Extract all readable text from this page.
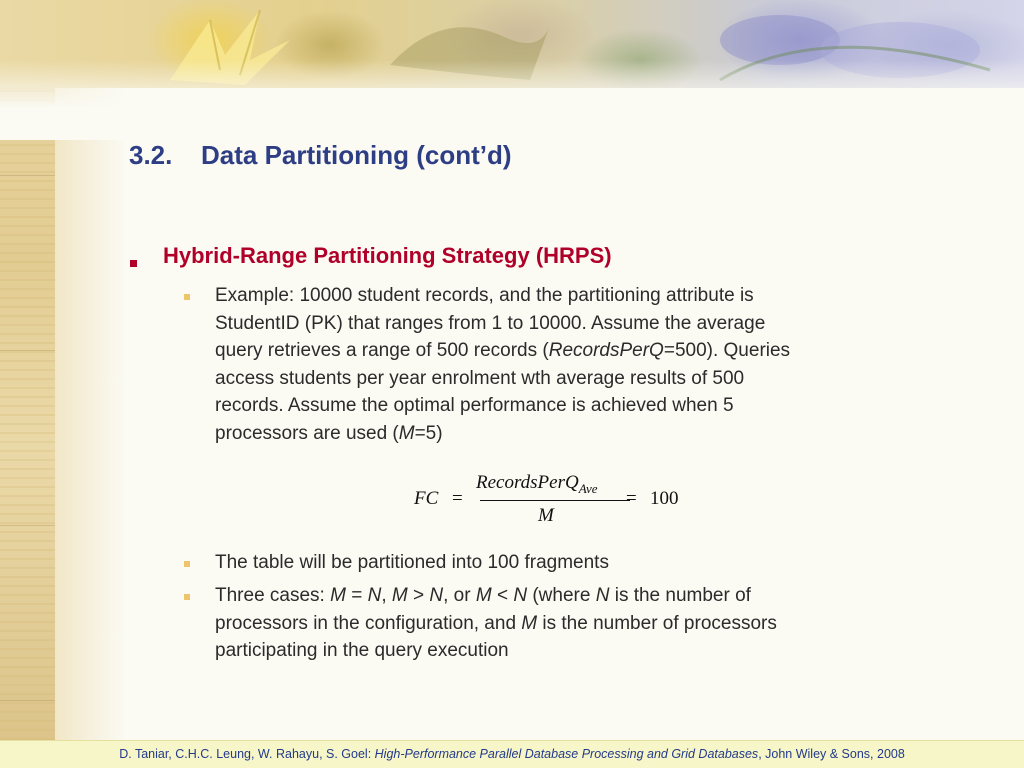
3.2. Data Partitioning (cont’d)
Hybrid-Range Partitioning Strategy (HRPS)
Example: 10000 student records, and the partitioning attribute is
StudentID (PK) that ranges from 1 to 10000. Assume the average
query retrieves a range of 500 records (RecordsPerQ=500). Queries
access students per year enrolment wth average results of 500
records. Assume the optimal performance is achieved when 5
processors are used (M=5)
FC =
RecordsPerQ$_{Ave}$
M
= 100
The table will be partitioned into 100 fragments
Three cases: M = N, M > N, or M < N (where N is the number of
processors in the configuration, and M is the number of processors
participating in the query execution
D. Taniar, C.H.C. Leung, W. Rahayu, S. Goel: High-Performance Parallel Database Processing and Grid Databases, John Wiley & Sons, 2008
